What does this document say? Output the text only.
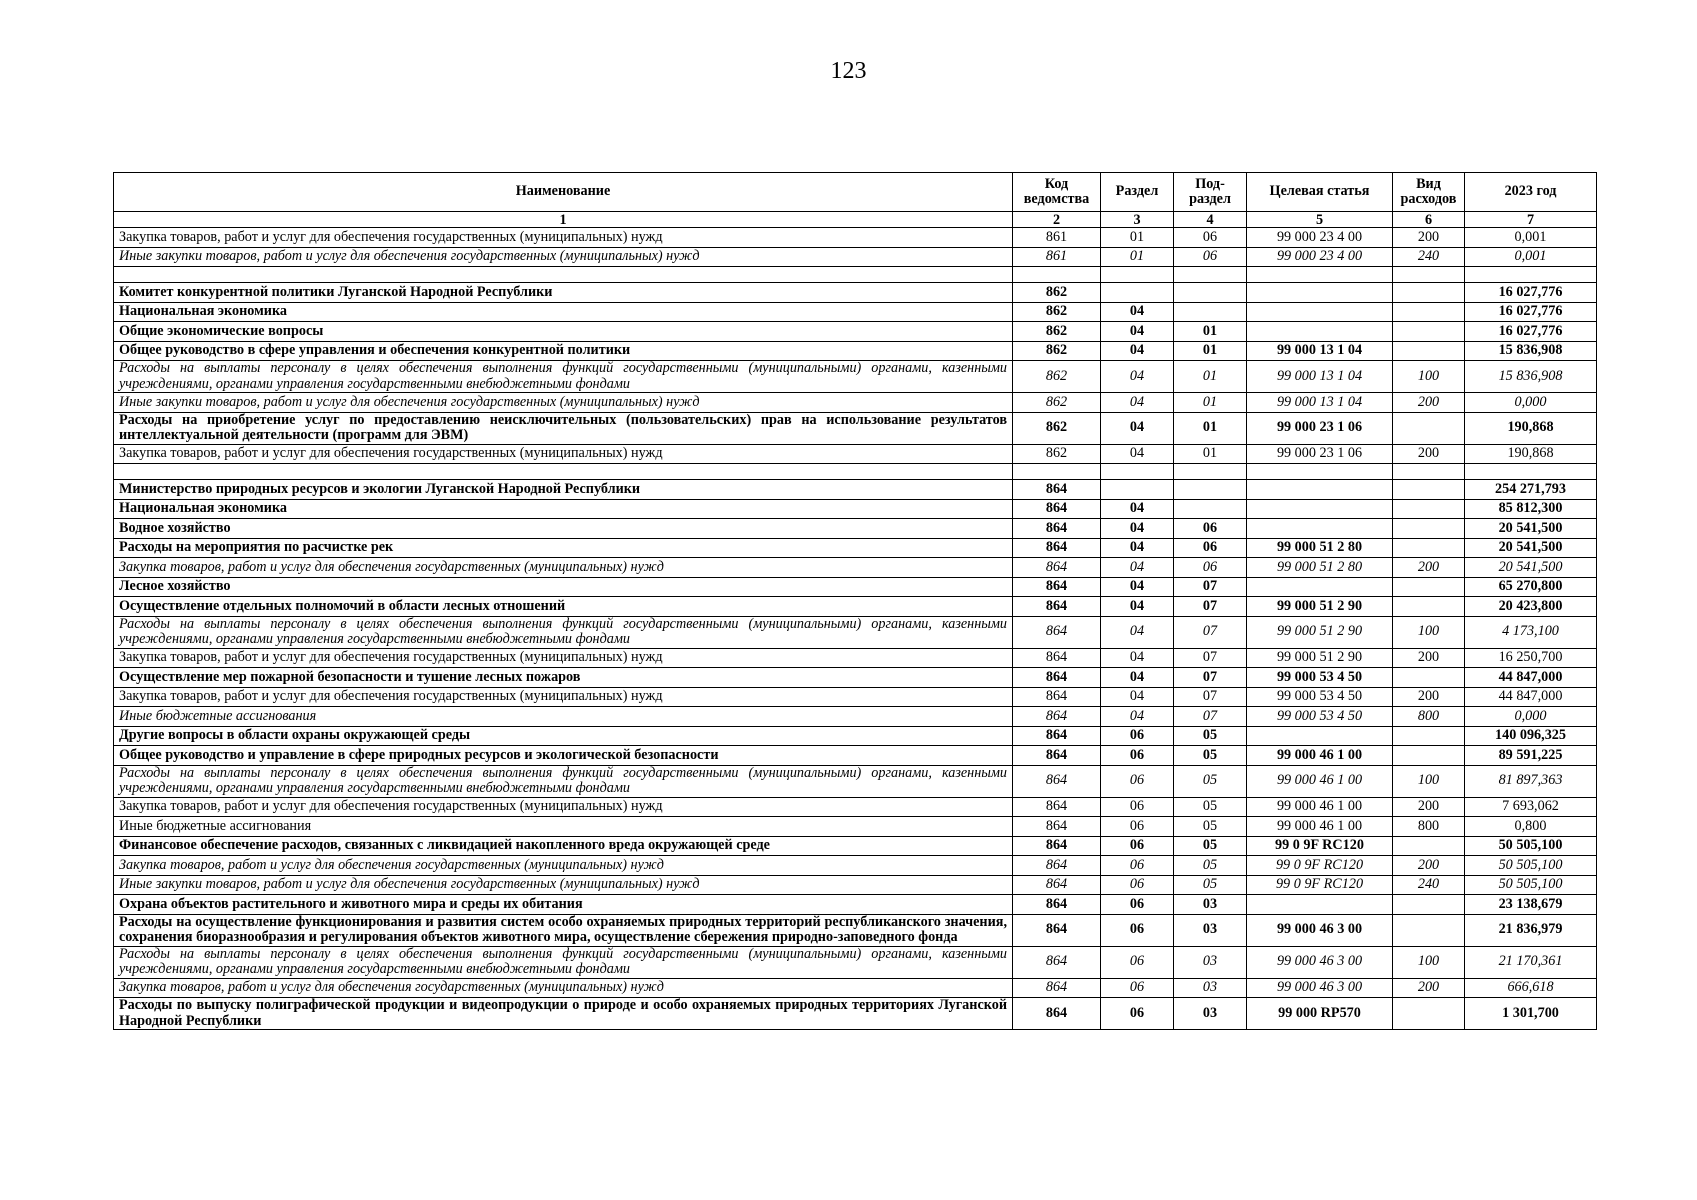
123
Наименование	Код ведомства	Раздел	Под-раздел	Целевая статья	Вид расходов	2023 год
1	2	3	4	5	6	7
Закупка товаров, работ и услуг для обеспечения государственных (муниципальных) нужд	861	01	06	99 000 23 4 00	200	0,001
Иные закупки товаров, работ и услуг для обеспечения государственных (муниципальных) нужд	861	01	06	99 000 23 4 00	240	0,001

Комитет конкурентной политики Луганской Народной Республики	862					16 027,776
Национальная экономика	862	04				16 027,776
Общие экономические вопросы	862	04	01			16 027,776
Общее руководство в сфере управления и обеспечения конкурентной политики	862	04	01	99 000 13 1 04		15 836,908
Расходы на выплаты персоналу в целях обеспечения выполнения функций государственными (муниципальными) органами, казенными учреждениями, органами управления государственными внебюджетными фондами	862	04	01	99 000 13 1 04	100	15 836,908
Иные закупки товаров, работ и услуг для обеспечения государственных (муниципальных) нужд	862	04	01	99 000 13 1 04	200	0,000
Расходы на приобретение услуг по предоставлению неисключительных (пользовательских) прав на использование результатов интеллектуальной деятельности (программ для ЭВМ)	862	04	01	99 000 23 1 06		190,868
Закупка товаров, работ и услуг для обеспечения государственных (муниципальных) нужд	862	04	01	99 000 23 1 06	200	190,868

Министерство природных ресурсов и экологии Луганской Народной Республики	864					254 271,793
Национальная экономика	864	04				85 812,300
Водное хозяйство	864	04	06			20 541,500
Расходы на мероприятия по расчистке рек	864	04	06	99 000 51 2 80		20 541,500
Закупка товаров, работ и услуг для обеспечения государственных (муниципальных) нужд	864	04	06	99 000 51 2 80	200	20 541,500
Лесное хозяйство	864	04	07			65 270,800
Осуществление отдельных полномочий в области лесных отношений	864	04	07	99 000 51 2 90		20 423,800
Расходы на выплаты персоналу в целях обеспечения выполнения функций государственными (муниципальными) органами, казенными учреждениями, органами управления государственными внебюджетными фондами	864	04	07	99 000 51 2 90	100	4 173,100
Закупка товаров, работ и услуг для обеспечения государственных (муниципальных) нужд	864	04	07	99 000 51 2 90	200	16 250,700
Осуществление мер пожарной безопасности и тушение лесных пожаров	864	04	07	99 000 53 4 50		44 847,000
Закупка товаров, работ и услуг для обеспечения государственных (муниципальных) нужд	864	04	07	99 000 53 4 50	200	44 847,000
Иные бюджетные ассигнования	864	04	07	99 000 53 4 50	800	0,000
Другие вопросы в области охраны окружающей среды	864	06	05			140 096,325
Общее руководство и управление в сфере природных ресурсов и экологической безопасности	864	06	05	99 000 46 1 00		89 591,225
Расходы на выплаты персоналу в целях обеспечения выполнения функций государственными (муниципальными) органами, казенными учреждениями, органами управления государственными внебюджетными фондами	864	06	05	99 000 46 1 00	100	81 897,363
Закупка товаров, работ и услуг для обеспечения государственных (муниципальных) нужд	864	06	05	99 000 46 1 00	200	7 693,062
Иные бюджетные ассигнования	864	06	05	99 000 46 1 00	800	0,800
Финансовое обеспечение расходов, связанных с ликвидацией накопленного вреда окружающей среде	864	06	05	99 0 9F RC120		50 505,100
Закупка товаров, работ и услуг для обеспечения государственных (муниципальных) нужд	864	06	05	99 0 9F RC120	200	50 505,100
Иные закупки товаров, работ и услуг для обеспечения государственных (муниципальных) нужд	864	06	05	99 0 9F RC120	240	50 505,100
Охрана объектов растительного и животного мира и среды их обитания	864	06	03			23 138,679
Расходы на осуществление функционирования и развития систем особо охраняемых природных территорий республиканского значения, сохранения биоразнообразия и регулирования объектов животного мира, осуществление сбережения природно-заповедного фонда	864	06	03	99 000 46 3 00		21 836,979
Расходы на выплаты персоналу в целях обеспечения выполнения функций государственными (муниципальными) органами, казенными учреждениями, органами управления государственными внебюджетными фондами	864	06	03	99 000 46 3 00	100	21 170,361
Закупка товаров, работ и услуг для обеспечения государственных (муниципальных) нужд	864	06	03	99 000 46 3 00	200	666,618
Расходы по выпуску полиграфической продукции и видеопродукции о природе и особо охраняемых природных территориях Луганской Народной Республики	864	06	03	99 000 RP570		1 301,700
